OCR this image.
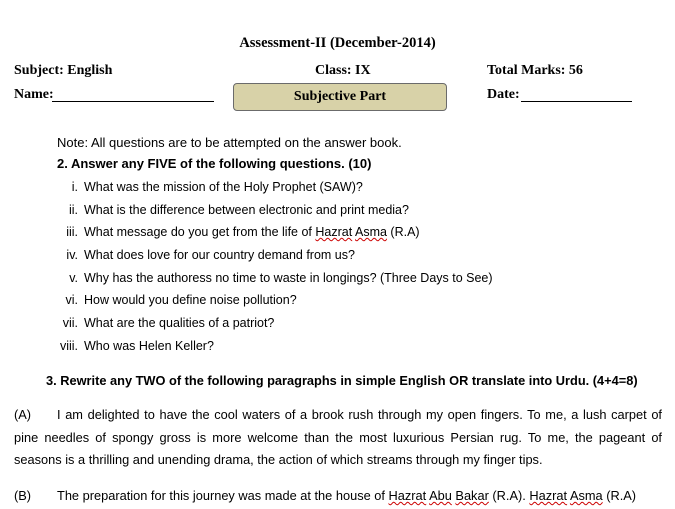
Assessment-II (December-2014)
Subject: English	Class: IX	Total Marks: 56
Name:	Subjective Part	Date:
Note: All questions are to be attempted on the answer book.
2. Answer any FIVE of the following questions. (10)
i. What was the mission of the Holy Prophet (SAW)?
ii. What is the difference between electronic and print media?
iii. What message do you get from the life of Hazrat Asma (R.A)
iv. What does love for our country demand from us?
v. Why has the authoress no time to waste in longings? (Three Days to See)
vi. How would you define noise pollution?
vii. What are the qualities of a patriot?
viii. Who was Helen Keller?
3. Rewrite any TWO of the following paragraphs in simple English OR translate into Urdu. (4+4=8)
(A) I am delighted to have the cool waters of a brook rush through my open fingers. To me, a lush carpet of pine needles of spongy gross is more welcome than the most luxurious Persian rug. To me, the pageant of seasons is a thrilling and unending drama, the action of which streams through my finger tips.
(B) The preparation for this journey was made at the house of Hazrat Abu Bakar (R.A). Hazrat Asma (R.A)
